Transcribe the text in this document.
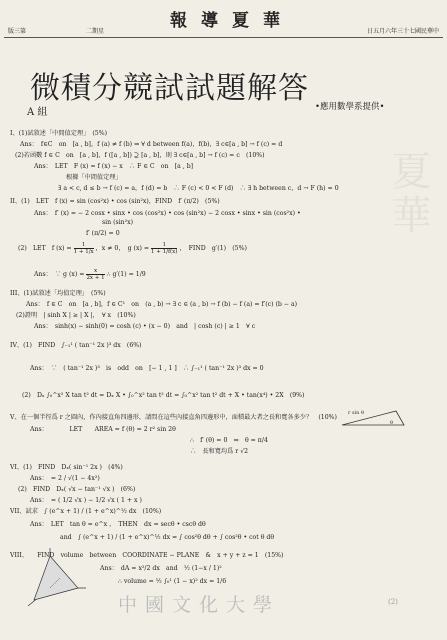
版三第	二期星
報導夏華
日五月六年三十七國民華中
夏華
微積分競試試題解答
•應用數學系提供•
A 組
I、(1)試敘述「中間值定理」　(5%)
Ans：　f∈C　on　[a , b]，f (a) ≠ f (b) ⇒ ∀ d between f(a)，f(b)，∃ c∈[a , b] → f (c) = d
(2)若函數 f ∈ C　on　[a , b]，f ([a , b]) ⊇ [a , b]，則 ∃ c∈[a , b] → f (c) = c　(10%)
Ans：　LET　F (x) = f (x) − x　∴ F ∈ C　on　[a , b]
根據「中間值定理」
∃ a < c, d ≤ b → f (c) = a，f (d) = b　∴ F (c) < 0 < F (d)　∴ ∃ h between c，d → F (h) = 0
II、(1)　LET　f (x) = sin (cos²x) • cos (sin²x)，FIND　f′ (π/2)　(5%)
Ans：　f′ (x) = − 2 cosx • sinx • cos (cos²x) • cos (sin²x) − 2 cosx • sinx • sin (cos²x) •
sin (sin²x)
f′ (π/2) = 0
(2)　LET　f $(x) = \frac{1}{1 + 1/x}$ ，x ≠ 0，　g $(x) = \frac{1}{1 + 1/f(x)}$ ，　FIND　g′(1)　(5%)
Ans：　∵ g $(x) = \frac{x}{2x + 1}$ ∴ g′(1) = 1/9
III、(1)試敘述「均值定理」　(5%)
Ans：　f ∈ C　on　[a , b]，f ∈ C¹　on　(a , b) → ∃ c ∈ (a , b) → f (b) − f (a) = f′(c) (b − a)
(2)證明　| sinh X | ≥ | X |，　∀ x　(10%)
Ans：　sinh(x) − sinh(0) = cosh (c) • (x − 0)　and　| cosh (c) | ≥ 1　∀ c
IV、(1)　FIND　∫₋₁¹ ( tan⁻¹ 2x )³ dx　(6%)
Ans：　∵　( tan⁻¹ 2x )³　is　odd　on　[− 1 , 1 ]　∴ ∫₋₁¹ ( tan⁻¹ 2x )³ dx = 0
(2)　Dₓ ∫₀^x² X tan t² dt = Dₓ X • ∫₀^x² tan t² dt = ∫₀^x² tan t² dt + X • tan(x⁴) • 2X　(9%)
V、在一個半徑爲 r 之圓內，作內接直角四邊形，請問在這些內接直角四邊形中，面積最大者之長和寬各多少？　(10%)
Ans：　　　　LET　　AREA = f (θ) = 2 r² sin 2θ
∴　f′ (θ) = 0　⇔　θ = π/4
∴　長和寬均爲 r √2
r sin θ
θ
VI、(1)　FIND　Dₓ( sin⁻¹ 2x )　(4%)
Ans：　= 2 / √(1 − 4x²)
(2)　FIND　Dₓ( √x − tan⁻¹ √x )　(6%)
Ans：　= ( 1/2 √x ) − 1/2 √x ( 1 + x )
VII、試求　∫ (e^x + 1) / (1 + e^x)^½ dx　(10%)
Ans：　LET　tan θ = e^x ，　THEN　dx = secθ • cscθ dθ
and　∫ (e^x + 1) / (1 + e^x)^½ dx = ∫ cos²θ dθ + ∫ cos²θ • cot θ dθ
VIII、　　FIND　volume　between　COORDINATE − PLANE　&　x + y + z = 1　(15%)
Ans：　dA = x²/2 dx　and　½ (1−x / 1)²
∴ volume = ½ ∫₀¹ (1 − x)² dx = 1/6
中國文化大學	(2)
